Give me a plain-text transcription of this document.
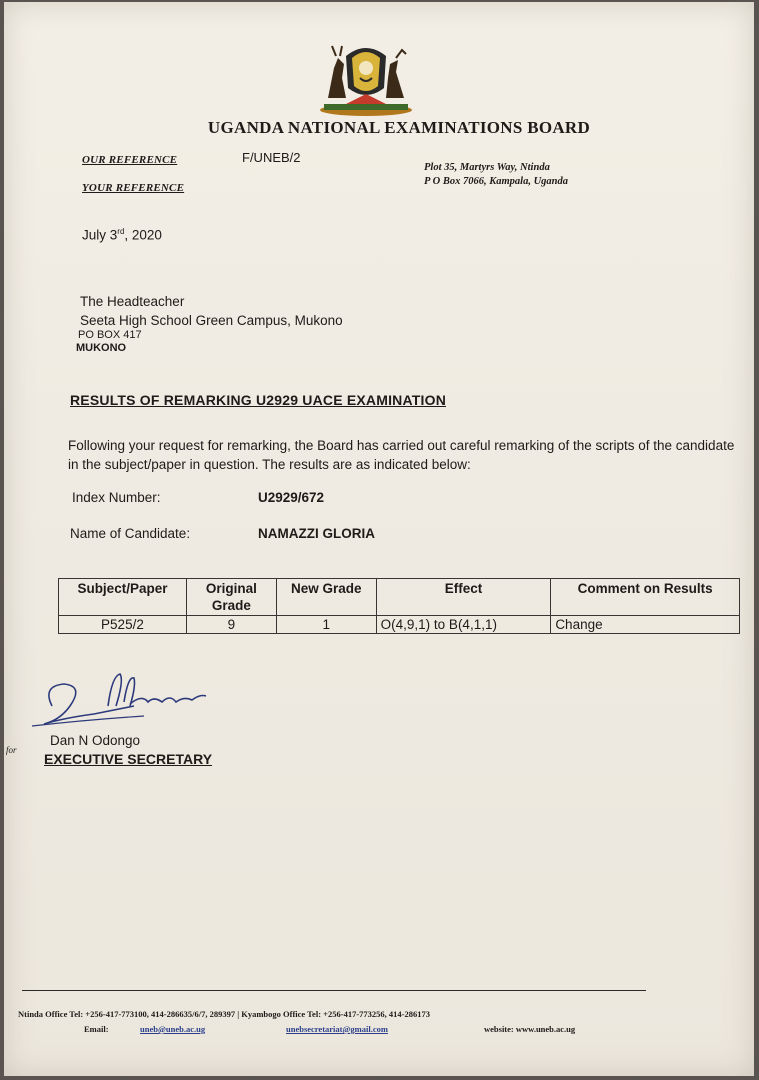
UGANDA NATIONAL EXAMINATIONS BOARD
OUR REFERENCE	F/UNEB/2
YOUR REFERENCE
Plot 35, Martyrs Way, Ntinda
P O Box 7066, Kampala, Uganda
July 3rd, 2020
The Headteacher
Seeta High School Green Campus, Mukono
PO BOX 417
MUKONO
RESULTS OF REMARKING U2929 UACE EXAMINATION
Following your request for remarking, the Board has carried out careful remarking of the scripts of the candidate in the subject/paper in question. The results are as indicated below:
Index Number:	U2929/672
Name of Candidate:	NAMAZZI GLORIA
Subject/Paper	Original Grade	New Grade	Effect	Comment on Results
P525/2	9	1	O(4,9,1) to B(4,1,1)	Change
for
Dan N Odongo
EXECUTIVE SECRETARY
Ntinda Office Tel: +256-417-773100, 414-286635/6/7, 289397 | Kyambogo Office Tel: +256-417-773256, 414-286173
Email:	uneb@uneb.ac.ug	unebsecretariat@gmail.com	website: www.uneb.ac.ug
